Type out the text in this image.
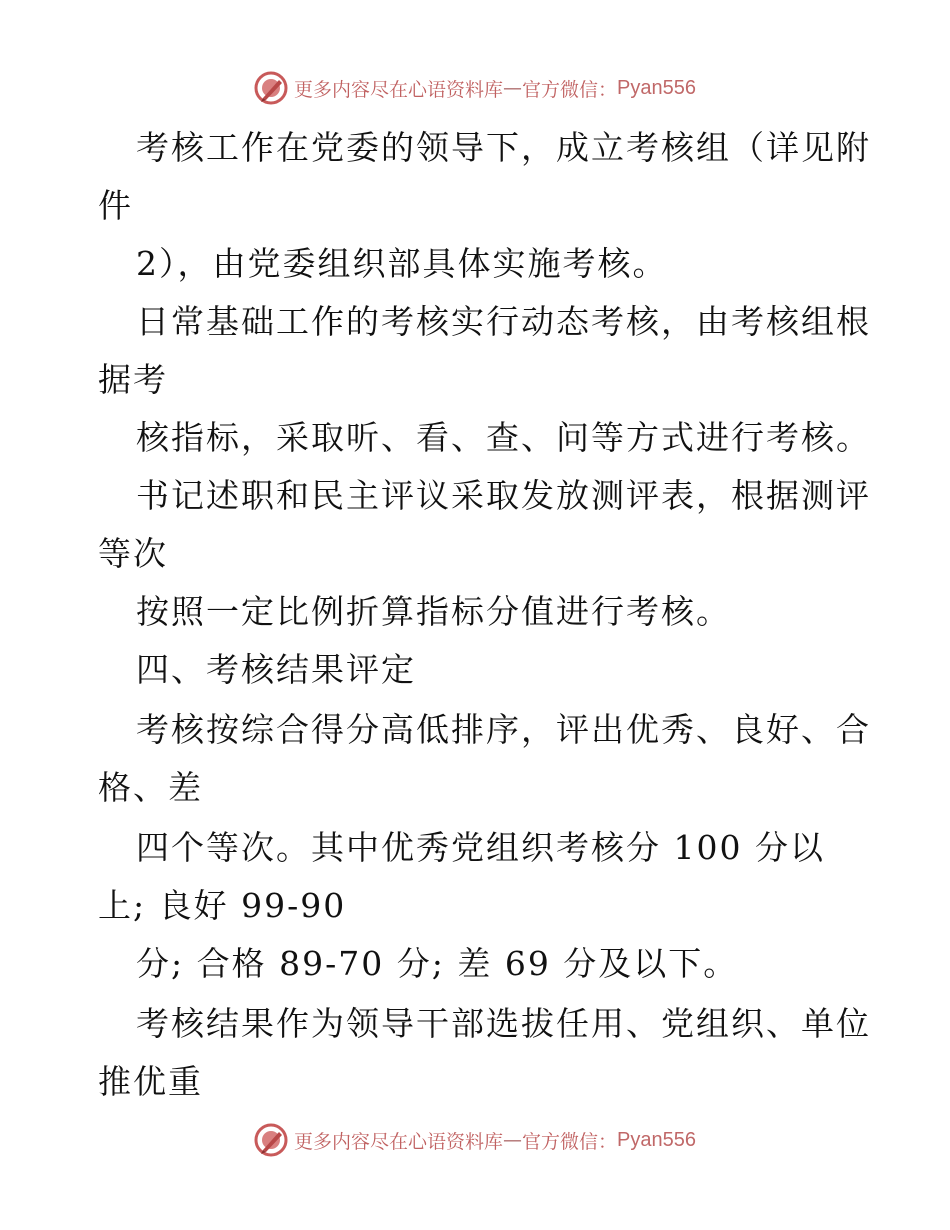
更多内容尽在心语资料库 — 官方微信： Pyan556
考核工作在党委的领导下，成立考核组（详见附
件
2），由党委组织部具体实施考核。
日常基础工作的考核实行动态考核，由考核组根
据考
核指标，采取听、看、查、问等方式进行考核。
书记述职和民主评议采取发放测评表，根据测评
等次
按照一定比例折算指标分值进行考核。
四、考核结果评定
考核按综合得分高低排序，评出优秀、良好、合
格、差
四个等次。其中优秀党组织考核分 100 分以
上; 良好 99-90
分; 合格 89-70 分; 差 69 分及以下。
考核结果作为领导干部选拔任用、党组织、单位
推优重
更多内容尽在心语资料库 — 官方微信： Pyan556
